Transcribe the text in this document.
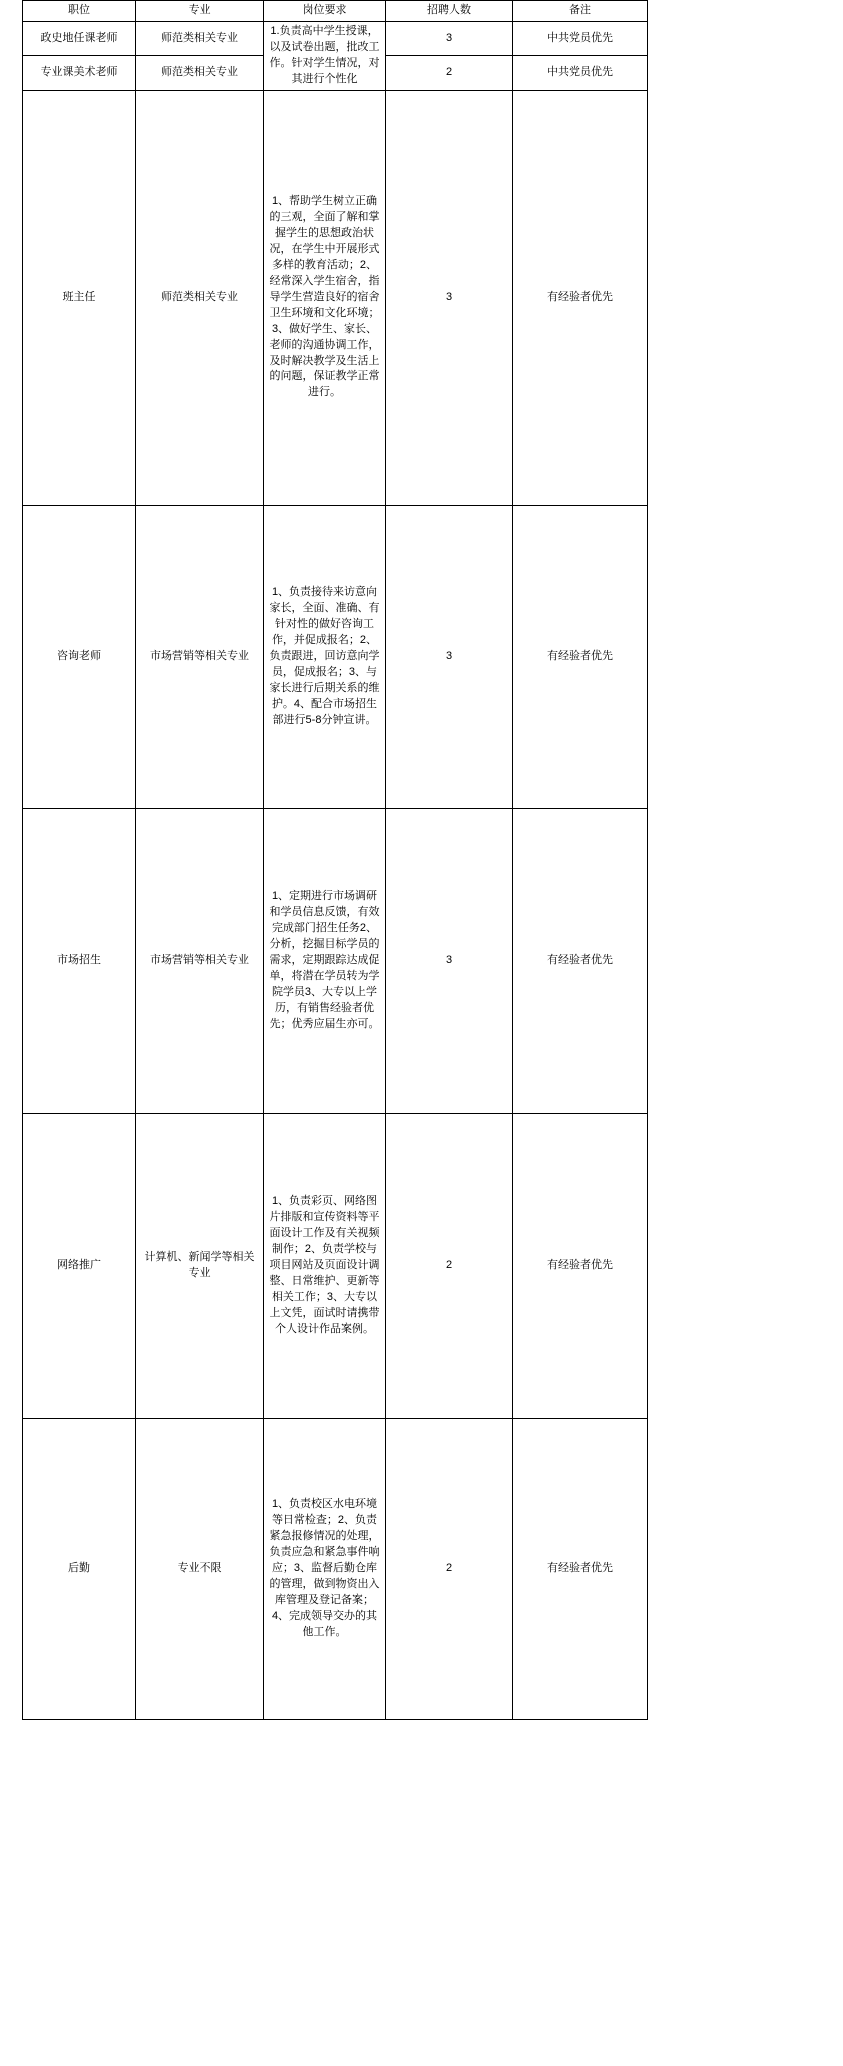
职位	专业	岗位要求	招聘人数	备注
政史地任课老师	师范类相关专业	1.负责高中学生授课，以及试卷出题，批改工作。针对学生情况，对其进行个性化	3	中共党员优先
专业课美术老师	师范类相关专业		2	中共党员优先
班主任	师范类相关专业	1、帮助学生树立正确的三观，全面了解和掌握学生的思想政治状况，在学生中开展形式多样的教育活动；2、经常深入学生宿舍，指导学生营造良好的宿舍卫生环境和文化环境；3、做好学生、家长、老师的沟通协调工作，及时解决教学及生活上的问题，保证教学正常进行。	3	有经验者优先
咨询老师	市场营销等相关专业	1、负责接待来访意向家长，全面、准确、有针对性的做好咨询工作，并促成报名；2、负责跟进，回访意向学员，促成报名；3、与家长进行后期关系的维护。4、配合市场招生部进行5-8分钟宣讲。	3	有经验者优先
市场招生	市场营销等相关专业	1、定期进行市场调研和学员信息反馈，有效完成部门招生任务2、分析，挖掘目标学员的需求，定期跟踪达成促单，将潜在学员转为学院学员3、大专以上学历，有销售经验者优先；优秀应届生亦可。	3	有经验者优先
网络推广	计算机、新闻学等相关专业	1、负责彩页、网络图片排版和宣传资料等平面设计工作及有关视频制作；2、负责学校与项目网站及页面设计调整、日常维护、更新等相关工作；3、大专以上文凭，面试时请携带个人设计作品案例。	2	有经验者优先
后勤	专业不限	1、负责校区水电环境等日常检查；2、负责紧急报修情况的处理，负责应急和紧急事件响应；3、监督后勤仓库的管理，做到物资出入库管理及登记备案；4、完成领导交办的其他工作。	2	有经验者优先
